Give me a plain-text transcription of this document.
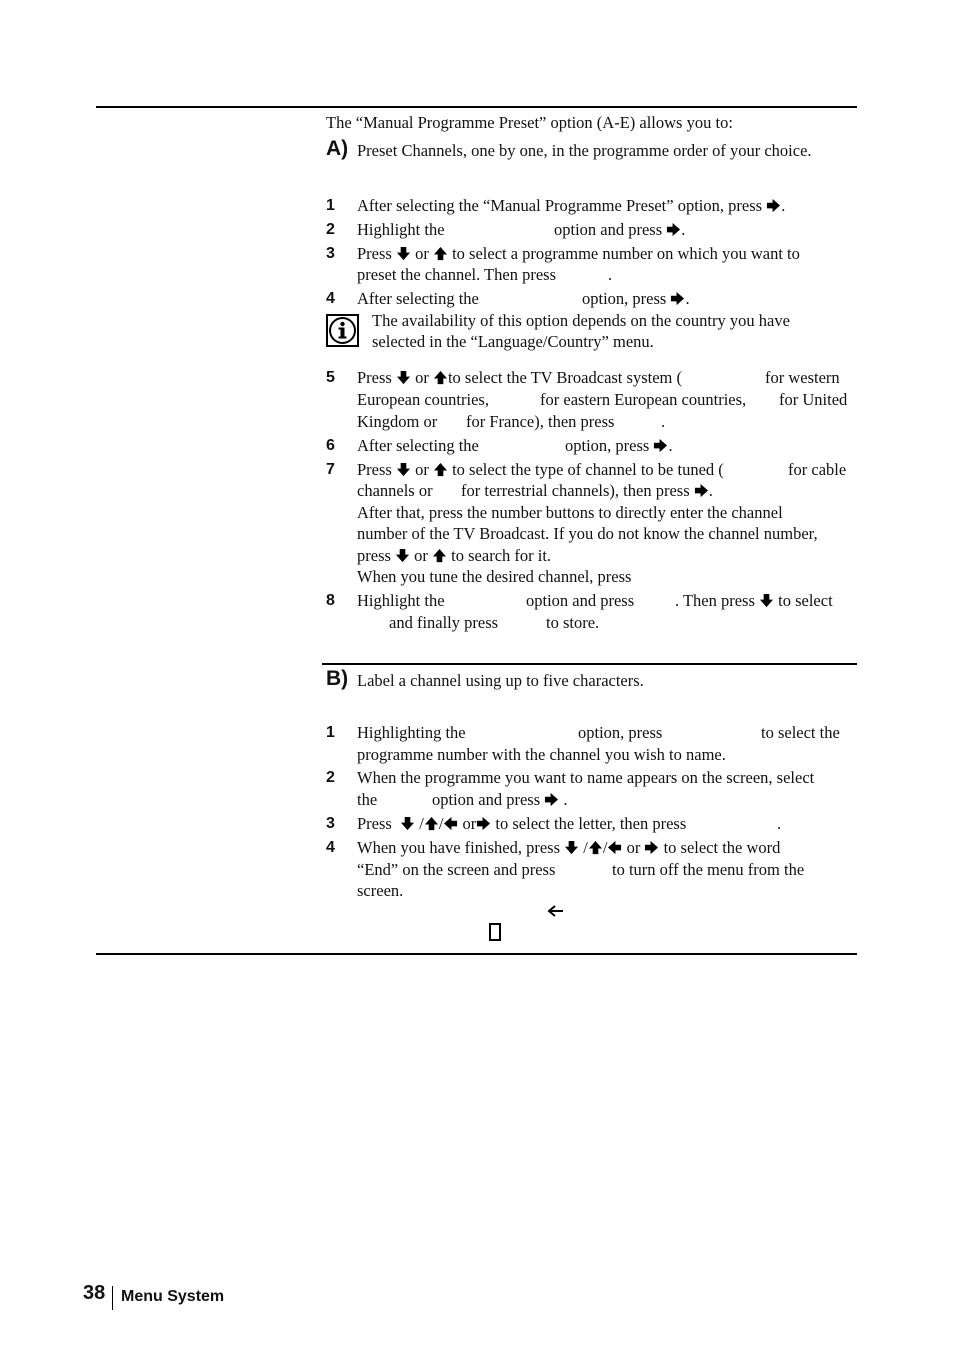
The “Manual Programme Preset” option (A-E) allows you to:
A) Preset Channels, one by one, in the programme order of your choice.
1 After selecting the “Manual Programme Preset” option, press .
2 Highlight the	option and press .
3 Press or to select a programme number on which you want to
preset the channel. Then press	.
4 After selecting the	option, press .
The availability of this option depends on the country you have
selected in the “Language/Country” menu.
5 Press or to select the TV Broadcast system (	for western
European countries,	for eastern European countries, for United
Kingdom or for France), then press	.
6 After selecting the	option, press .
7 Press or to select the type of channel to be tuned (	for cable
channels or for terrestrial channels), then press .
After that, press the number buttons to directly enter the channel
number of the TV Broadcast. If you do not know the channel number,
press or to search for it.
When you tune the desired channel, press
8 Highlight the	option and press . Then press to select
and finally press	to store.
B) Label a channel using up to five characters.
1 Highlighting the	option, press	to select the
programme number with the channel you wish to name.
2 When the programme you want to name appears on the screen, select
the	option and press .
3 Press / / or to select the letter, then press	.
4 When you have finished, press / / or to select the word
“End” on the screen and press	to turn off the menu from the
screen.
38 Menu System
